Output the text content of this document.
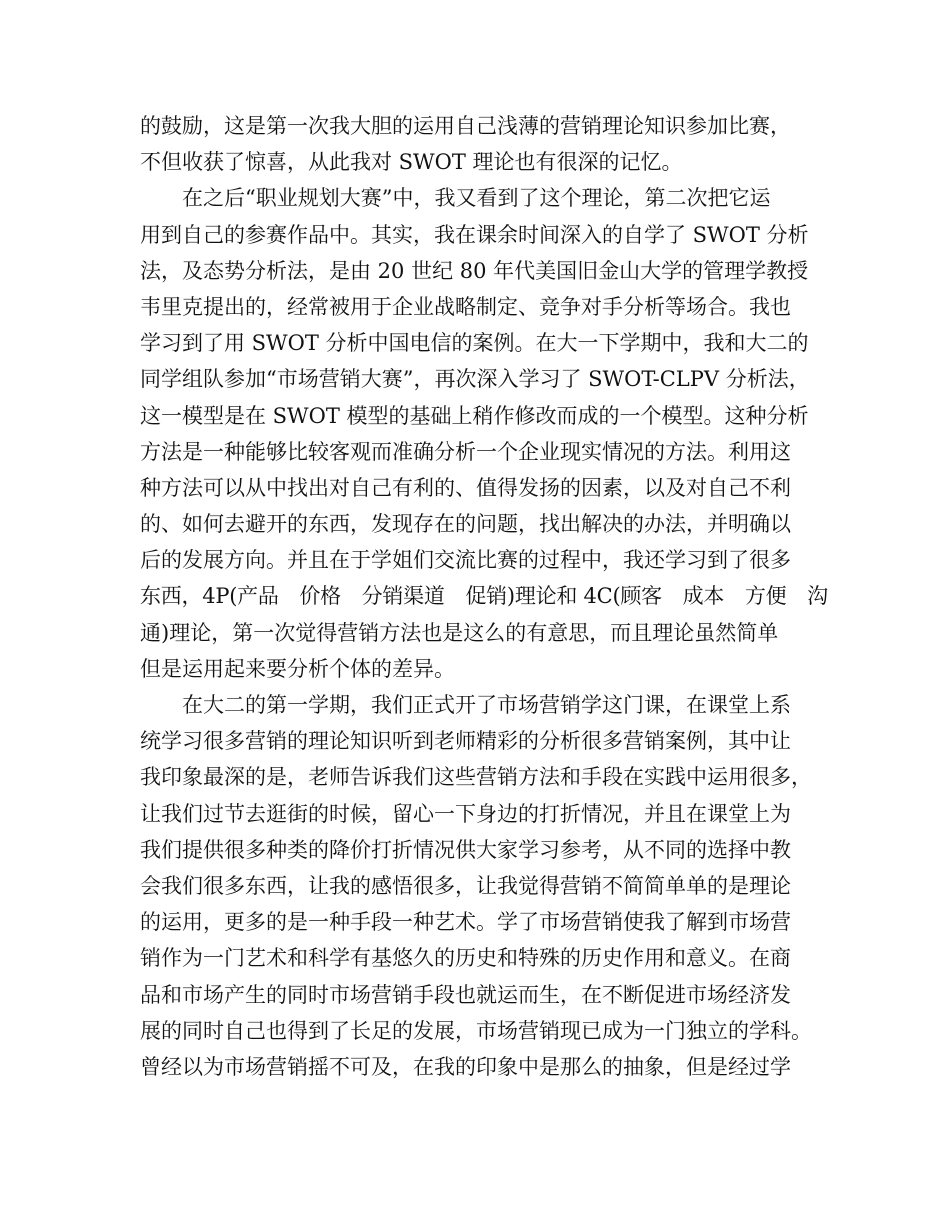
的鼓励，这是第一次我大胆的运用自己浅薄的营销理论知识参加比赛，
不但收获了惊喜，从此我对 SWOT 理论也有很深的记忆。
在之后“职业规划大赛”中，我又看到了这个理论，第二次把它运
用到自己的参赛作品中。其实，我在课余时间深入的自学了 SWOT 分析
法，及态势分析法，是由 20 世纪 80 年代美国旧金山大学的管理学教授
韦里克提出的，经常被用于企业战略制定、竞争对手分析等场合。我也
学习到了用 SWOT 分析中国电信的案例。在大一下学期中，我和大二的
同学组队参加“市场营销大赛”，再次深入学习了 SWOT-CLPV 分析法，
这一模型是在 SWOT 模型的基础上稍作修改而成的一个模型。这种分析
方法是一种能够比较客观而准确分析一个企业现实情况的方法。利用这
种方法可以从中找出对自己有利的、值得发扬的因素，以及对自己不利
的、如何去避开的东西，发现存在的问题，找出解决的办法，并明确以
后的发展方向。并且在于学姐们交流比赛的过程中，我还学习到了很多
东西，4P(产品　价格　分销渠道　促销)理论和 4C(顾客　成本　方便　沟
通)理论，第一次觉得营销方法也是这么的有意思，而且理论虽然简单
但是运用起来要分析个体的差异。
在大二的第一学期，我们正式开了市场营销学这门课，在课堂上系
统学习很多营销的理论知识听到老师精彩的分析很多营销案例，其中让
我印象最深的是，老师告诉我们这些营销方法和手段在实践中运用很多，
让我们过节去逛街的时候，留心一下身边的打折情况，并且在课堂上为
我们提供很多种类的降价打折情况供大家学习参考，从不同的选择中教
会我们很多东西，让我的感悟很多，让我觉得营销不简简单单的是理论
的运用，更多的是一种手段一种艺术。学了市场营销使我了解到市场营
销作为一门艺术和科学有基悠久的历史和特殊的历史作用和意义。在商
品和市场产生的同时市场营销手段也就运而生，在不断促进市场经济发
展的同时自己也得到了长足的发展，市场营销现已成为一门独立的学科。
曾经以为市场营销摇不可及，在我的印象中是那么的抽象，但是经过学
